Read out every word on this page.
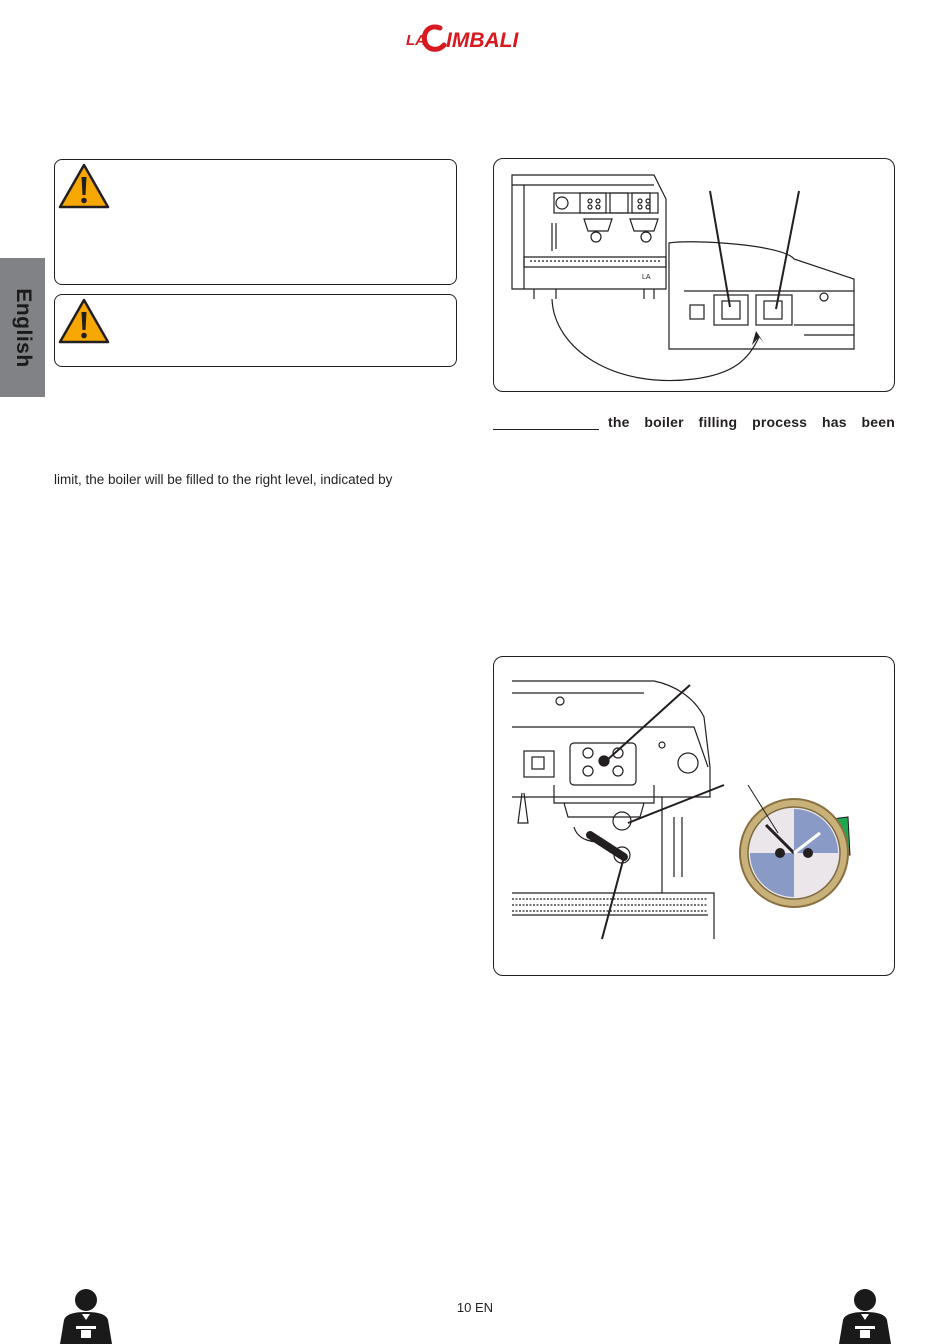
LA IMBALI
English
LA
the boiler filling process has been
limit, the boiler will be filled to the right level, indicated by
10 EN
